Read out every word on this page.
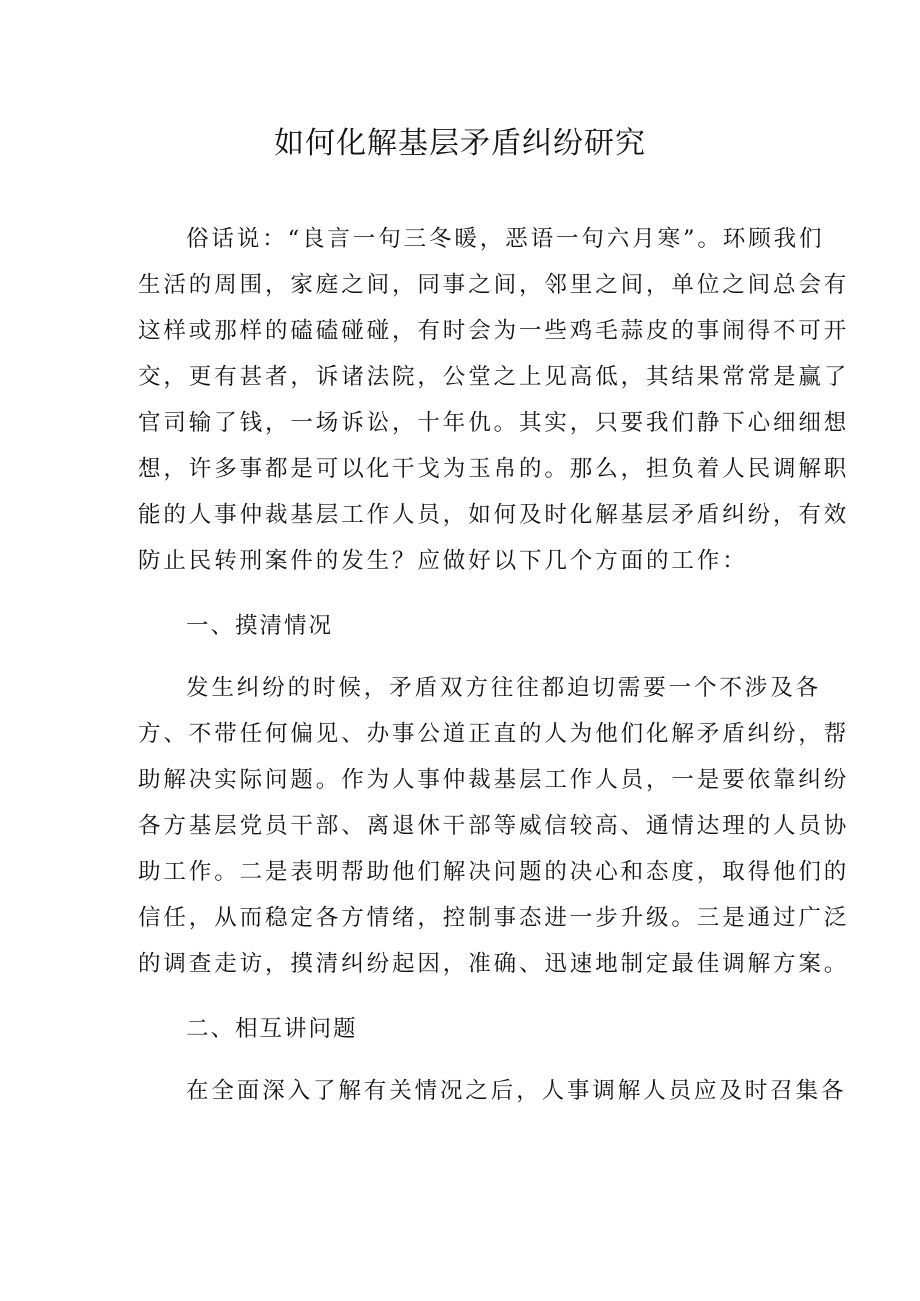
如何化解基层矛盾纠纷研究
俗话说：“良言一句三冬暖，恶语一句六月寒”。环顾我们
生活的周围，家庭之间，同事之间，邻里之间，单位之间总会有
这样或那样的磕磕碰碰，有时会为一些鸡毛蒜皮的事闹得不可开
交，更有甚者，诉诸法院，公堂之上见高低，其结果常常是赢了
官司输了钱，一场诉讼，十年仇。其实，只要我们静下心细细想
想，许多事都是可以化干戈为玉帛的。那么，担负着人民调解职
能的人事仲裁基层工作人员，如何及时化解基层矛盾纠纷，有效
防止民转刑案件的发生？应做好以下几个方面的工作：
一、摸清情况
发生纠纷的时候，矛盾双方往往都迫切需要一个不涉及各
方、不带任何偏见、办事公道正直的人为他们化解矛盾纠纷，帮
助解决实际问题。作为人事仲裁基层工作人员，一是要依靠纠纷
各方基层党员干部、离退休干部等威信较高、通情达理的人员协
助工作。二是表明帮助他们解决问题的决心和态度，取得他们的
信任，从而稳定各方情绪，控制事态进一步升级。三是通过广泛
的调查走访，摸清纠纷起因，准确、迅速地制定最佳调解方案。
二、相互讲问题
在全面深入了解有关情况之后，人事调解人员应及时召集各
